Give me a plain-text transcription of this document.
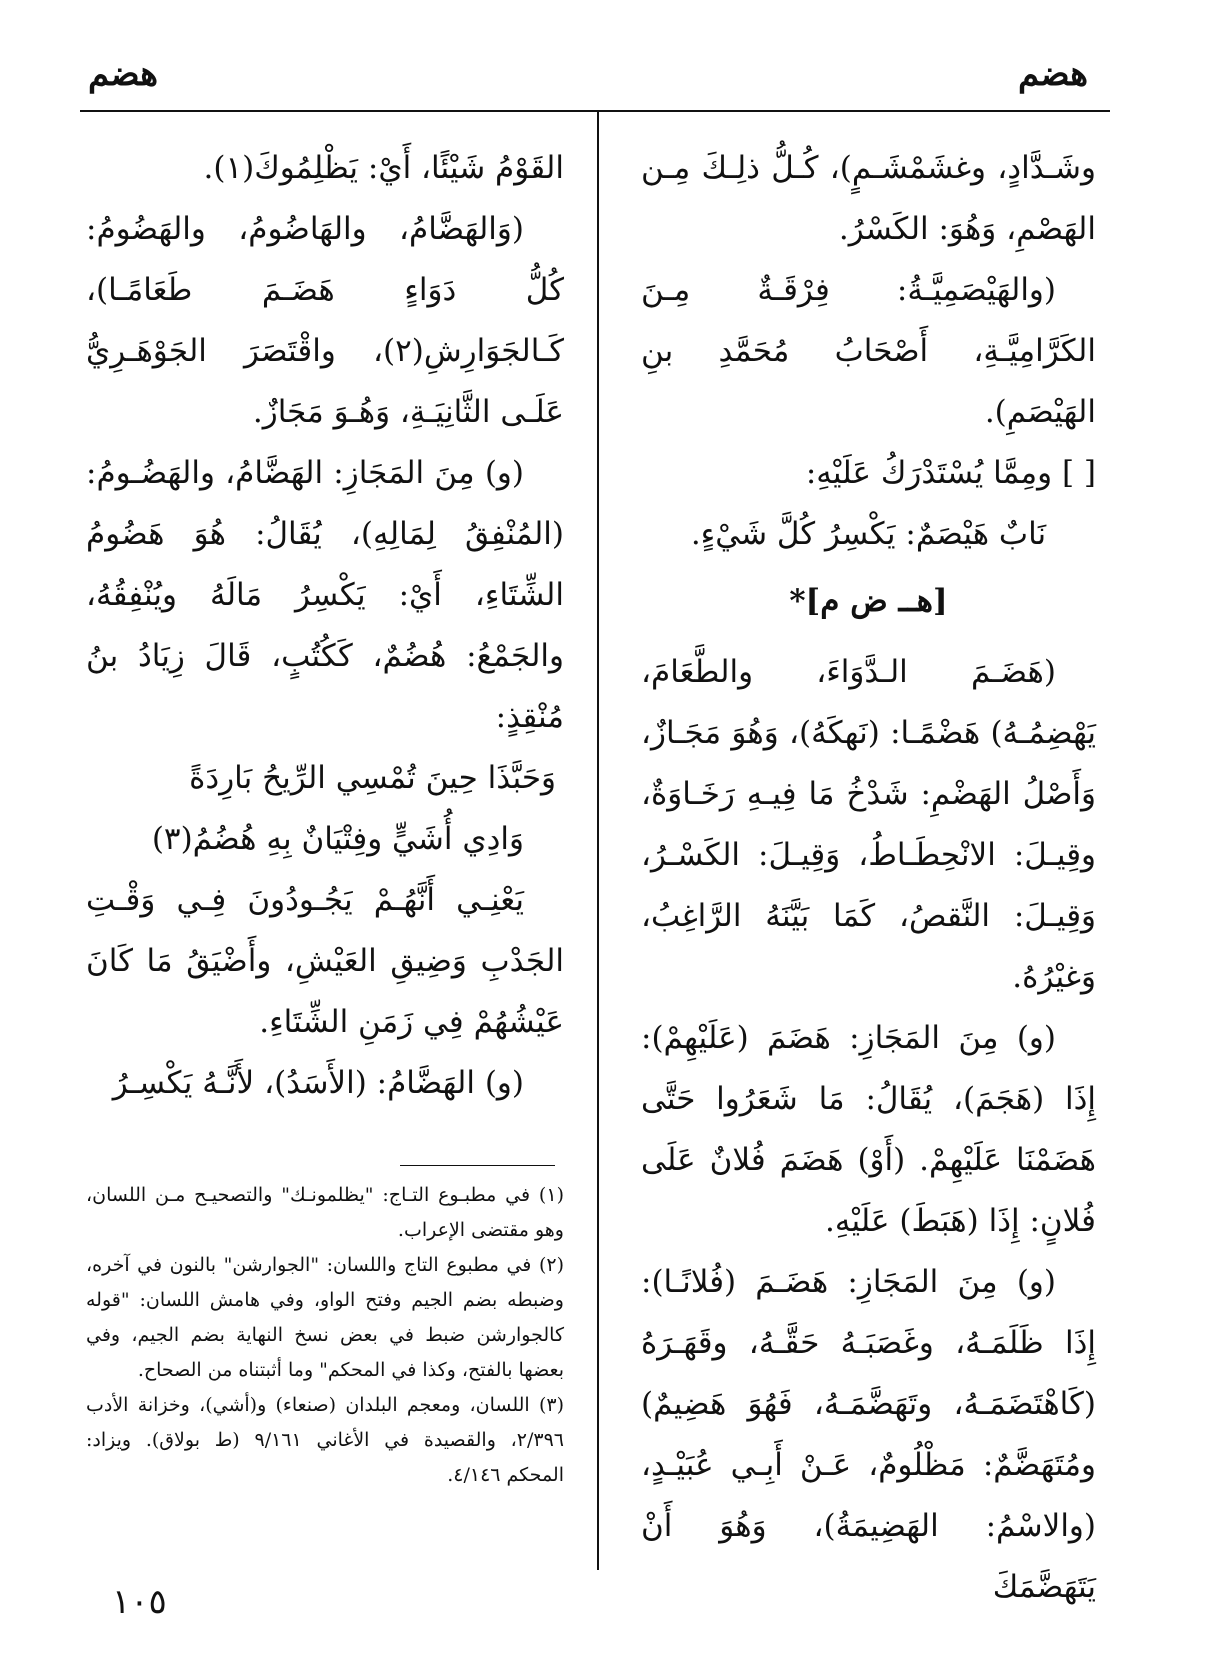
هضم
هضم

وشَـدَّادٍ، وغشَمْشَـمٍ)، كُـلُّ ذلِـكَ مِـن الهَصْمِ، وَهُوَ: الكَسْرُ.

(والهَيْصَمِيَّـةُ: فِرْقَـةٌ مِـنَ الكَرَّامِيَّـةِ، أَصْحَابُ مُحَمَّدِ بنِ الهَيْصَمِ).

[ ] ومِمَّا يُسْتَدْرَكُ عَلَيْهِ:

نَابٌ هَيْصَمٌ: يَكْسِرُ كُلَّ شَيْءٍ.

[هــ ض م]*

(هَضَـمَ الـدَّوَاءَ، والطَّعَامَ، يَهْضِمُـهُ) هَضْمًـا: (نَهكَهُ)، وَهُوَ مَجَـازٌ، وَأَصْلُ الهَضْمِ: شَدْخُ مَا فِيـهِ رَخَـاوَةٌ، وقِيـلَ: الانْحِطَـاطُ، وَقِيـلَ: الكَسْـرُ، وَقِيـلَ: النَّقصُ، كَمَا بَيَّنَهُ الرَّاغِبُ، وَغيْرُهُ.

(و) مِنَ المَجَازِ: هَضَمَ (عَلَيْهِمْ): إِذَا (هَجَمَ)، يُقَالُ: مَا شَعَرُوا حَتَّى هَضَمْنَا عَلَيْهِمْ. (أَوْ) هَضَمَ فُلانٌ عَلَى فُلانٍ: إِذَا (هَبَطَ) عَلَيْهِ.

(و) مِنَ المَجَازِ: هَضَـمَ (فُلانًـا): إِذَا ظَلَمَـهُ، وغَصَبَـهُ حَقَّـهُ، وقَهَـرَهُ (كَاهْتَضَمَـهُ، وتَهَضَّمَـهُ، فَهُوَ هَضِيمٌ) ومُتَهَضَّمٌ: مَظْلُومٌ، عَـنْ أَبِـي عُبَيْـدٍ، (والاسْمُ: الهَضِيمَةُ)، وَهُوَ أَنْ يَتَهَضَّمَكَ

القَوْمُ شَيْئًا، أَيْ: يَظْلِمُوكَ(١).

(وَالهَضَّامُ، والهَاضُومُ، والهَضُومُ: كُلُّ دَوَاءٍ هَضَـمَ طَعَامًـا)، كَـالجَوَارِشِ(٢)، واقْتَصَرَ الجَوْهَـرِيُّ عَلَـى الثَّانِيَـةِ، وَهُـوَ مَجَازٌ.

(و) مِنَ المَجَازِ: الهَضَّامُ، والهَضُـومُ: (المُنْفِقُ لِمَالِهِ)، يُقَالُ: هُوَ هَضُومُ الشِّتَاءِ، أَيْ: يَكْسِرُ مَالَهُ ويُنْفِقُهُ، والجَمْعُ: هُضُمٌ، كَكُتُبٍ، قَالَ زِيَادُ بنُ مُنْقِذٍ:

وَحَبَّذَا حِينَ تُمْسِي الرِّيحُ بَارِدَةً

وَادِي أُشَيٍّ وفِتْيَانٌ بِهِ هُضُمُ(٣)

يَعْنِـي أَنَّهُـمْ يَجُـودُونَ فِـي وَقْـتِ الجَدْبِ وَضِيقِ العَيْشِ، وأَضْيَقُ مَا كَانَ عَيْشُهُمْ فِي زَمَنِ الشِّتَاءِ.

(و) الهَضَّامُ: (الأَسَدُ)، لأَنَّـهُ يَكْسِـرُ

(١) في مطبـوع التـاج: "يظلمونـك" والتصحيـح مـن اللسان، وهو مقتضى الإعراب.

(٢) في مطبوع التاج واللسان: "الجوارشن" بالنون في آخره، وضبطه بضم الجيم وفتح الواو، وفي هامش اللسان: "قوله كالجوارشن ضبط في بعض نسخ النهاية بضم الجيم، وفي بعضها بالفتح، وكذا في المحكم" وما أثبتناه من الصحاح.

(٣) اللسان، ومعجم البلدان (صنعاء) و(أشي)، وخزانة الأدب ٢/٣٩٦، والقصيدة في الأغاني ٩/١٦١ (ط بولاق). ويزاد: المحكم ٤/١٤٦.

١٠٥
